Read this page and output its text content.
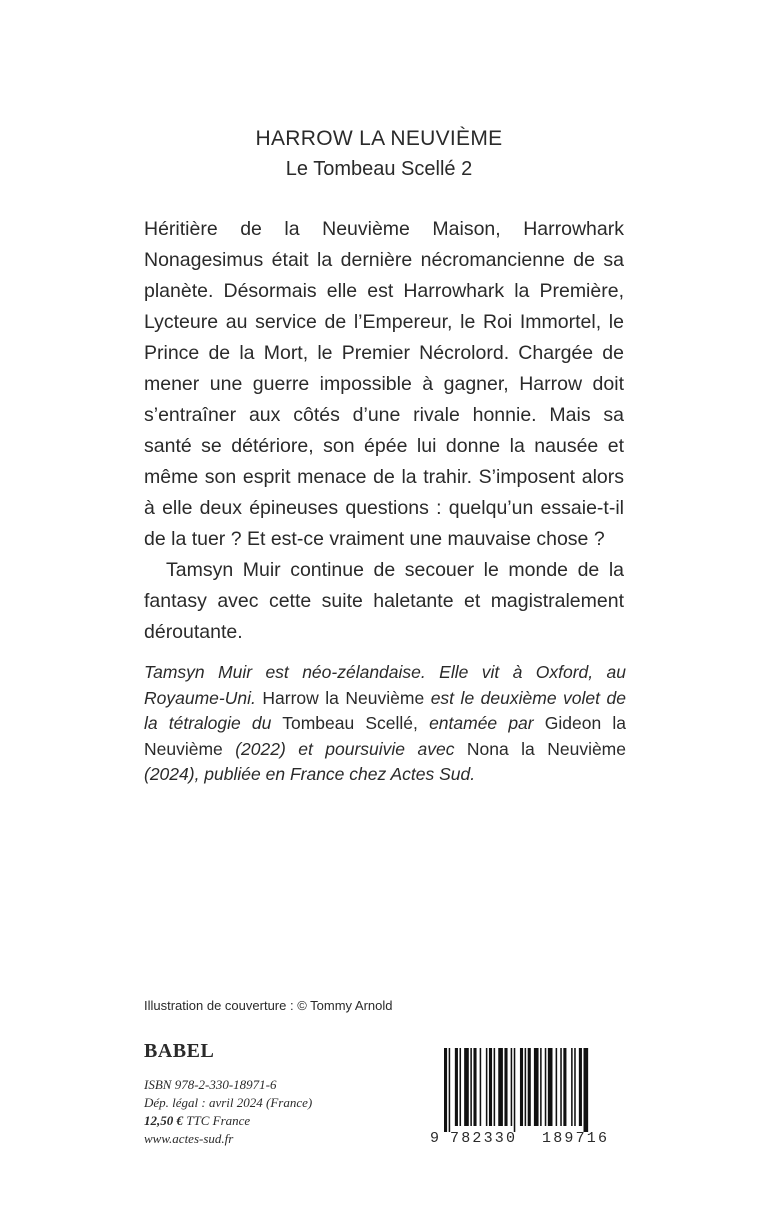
HARROW LA NEUVIÈME
Le Tombeau Scellé 2

Héritière de la Neuvième Maison, Harrowhark Nonagesimus était la dernière nécromancienne de sa planète. Désormais elle est Harrowhark la Première, Lycteure au service de l’Empereur, le Roi Immortel, le Prince de la Mort, le Premier Nécrolord. Chargée de mener une guerre impossible à gagner, Harrow doit s’entraîner aux côtés d’une rivale honnie. Mais sa santé se détériore, son épée lui donne la nausée et même son esprit menace de la trahir. S’imposent alors à elle deux épineuses questions : quelqu’un essaie-t-il de la tuer ? Et est-ce vraiment une mauvaise chose ?

Tamsyn Muir continue de secouer le monde de la fantasy avec cette suite haletante et magistralement déroutante.

Tamsyn Muir est néo-zélandaise. Elle vit à Oxford, au Royaume-Uni. Harrow la Neuvième est le deuxième volet de la tétralogie du Tombeau Scellé, entamée par Gideon la Neuvième (2022) et poursuivie avec Nona la Neuvième (2024), publiée en France chez Actes Sud.
Illustration de couverture : © Tommy Arnold
BABEL
ISBN 978-2-330-18971-6
Dép. légal : avril 2024 (France)
12,50 € TTC France
www.actes-sud.fr	9 782330 189716
